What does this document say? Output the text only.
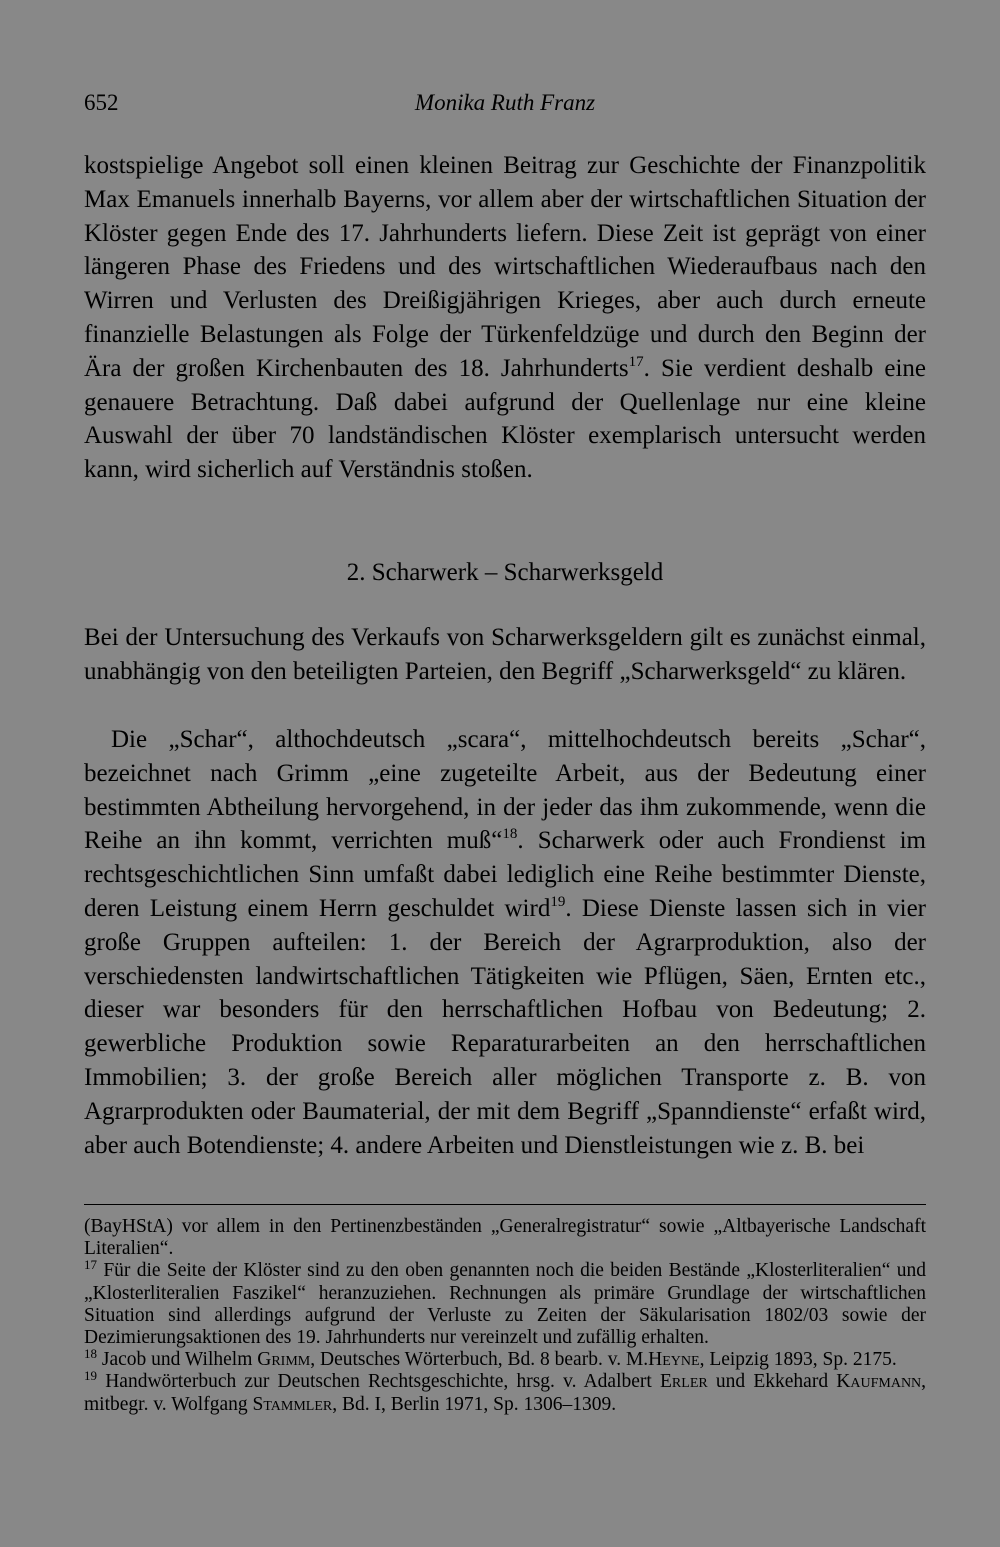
652	Monika Ruth Franz

kostspielige Angebot soll einen kleinen Beitrag zur Geschichte der Finanzpolitik Max Emanuels innerhalb Bayerns, vor allem aber der wirtschaftlichen Situation der Klöster gegen Ende des 17. Jahrhunderts liefern. Diese Zeit ist geprägt von einer längeren Phase des Friedens und des wirtschaftlichen Wiederaufbaus nach den Wirren und Verlusten des Dreißigjährigen Krieges, aber auch durch erneute finanzielle Belastungen als Folge der Türkenfeldzüge und durch den Beginn der Ära der großen Kirchenbauten des 18. Jahrhunderts$^{17}$. Sie verdient deshalb eine genauere Betrachtung. Daß dabei aufgrund der Quellenlage nur eine kleine Auswahl der über 70 landständischen Klöster exemplarisch untersucht werden kann, wird sicherlich auf Verständnis stoßen.

2. Scharwerk – Scharwerksgeld

Bei der Untersuchung des Verkaufs von Scharwerksgeldern gilt es zunächst einmal, unabhängig von den beteiligten Parteien, den Begriff „Scharwerksgeld“ zu klären.

Die „Schar“, althochdeutsch „scara“, mittelhochdeutsch bereits „Schar“, bezeichnet nach Grimm „eine zugeteilte Arbeit, aus der Bedeutung einer bestimmten Abtheilung hervorgehend, in der jeder das ihm zukommende, wenn die Reihe an ihn kommt, verrichten muß“$^{18}$. Scharwerk oder auch Frondienst im rechtsgeschichtlichen Sinn umfaßt dabei lediglich eine Reihe bestimmter Dienste, deren Leistung einem Herrn geschuldet wird$^{19}$. Diese Dienste lassen sich in vier große Gruppen aufteilen: 1. der Bereich der Agrarproduktion, also der verschiedensten landwirtschaftlichen Tätigkeiten wie Pflügen, Säen, Ernten etc., dieser war besonders für den herrschaftlichen Hofbau von Bedeutung; 2. gewerbliche Produktion sowie Reparaturarbeiten an den herrschaftlichen Immobilien; 3. der große Bereich aller möglichen Transporte z. B. von Agrarprodukten oder Baumaterial, der mit dem Begriff „Spanndienste“ erfaßt wird, aber auch Botendienste; 4. andere Arbeiten und Dienstleistungen wie z. B. bei

(BayHStA) vor allem in den Pertinenzbeständen „Generalregistratur“ sowie „Altbayerische Landschaft Literalien“.

$^{17}$ Für die Seite der Klöster sind zu den oben genannten noch die beiden Bestände „Klosterliteralien“ und „Klosterliteralien Faszikel“ heranzuziehen. Rechnungen als primäre Grundlage der wirtschaftlichen Situation sind allerdings aufgrund der Verluste zu Zeiten der Säkularisation 1802/03 sowie der Dezimierungsaktionen des 19. Jahrhunderts nur vereinzelt und zufällig erhalten.

$^{18}$ Jacob und Wilhelm Grimm, Deutsches Wörterbuch, Bd. 8 bearb. v. M.Heyne, Leipzig 1893, Sp. 2175.

$^{19}$ Handwörterbuch zur Deutschen Rechtsgeschichte, hrsg. v. Adalbert Erler und Ekkehard Kaufmann, mitbegr. v. Wolfgang Stammler, Bd. I, Berlin 1971, Sp. 1306–1309.
